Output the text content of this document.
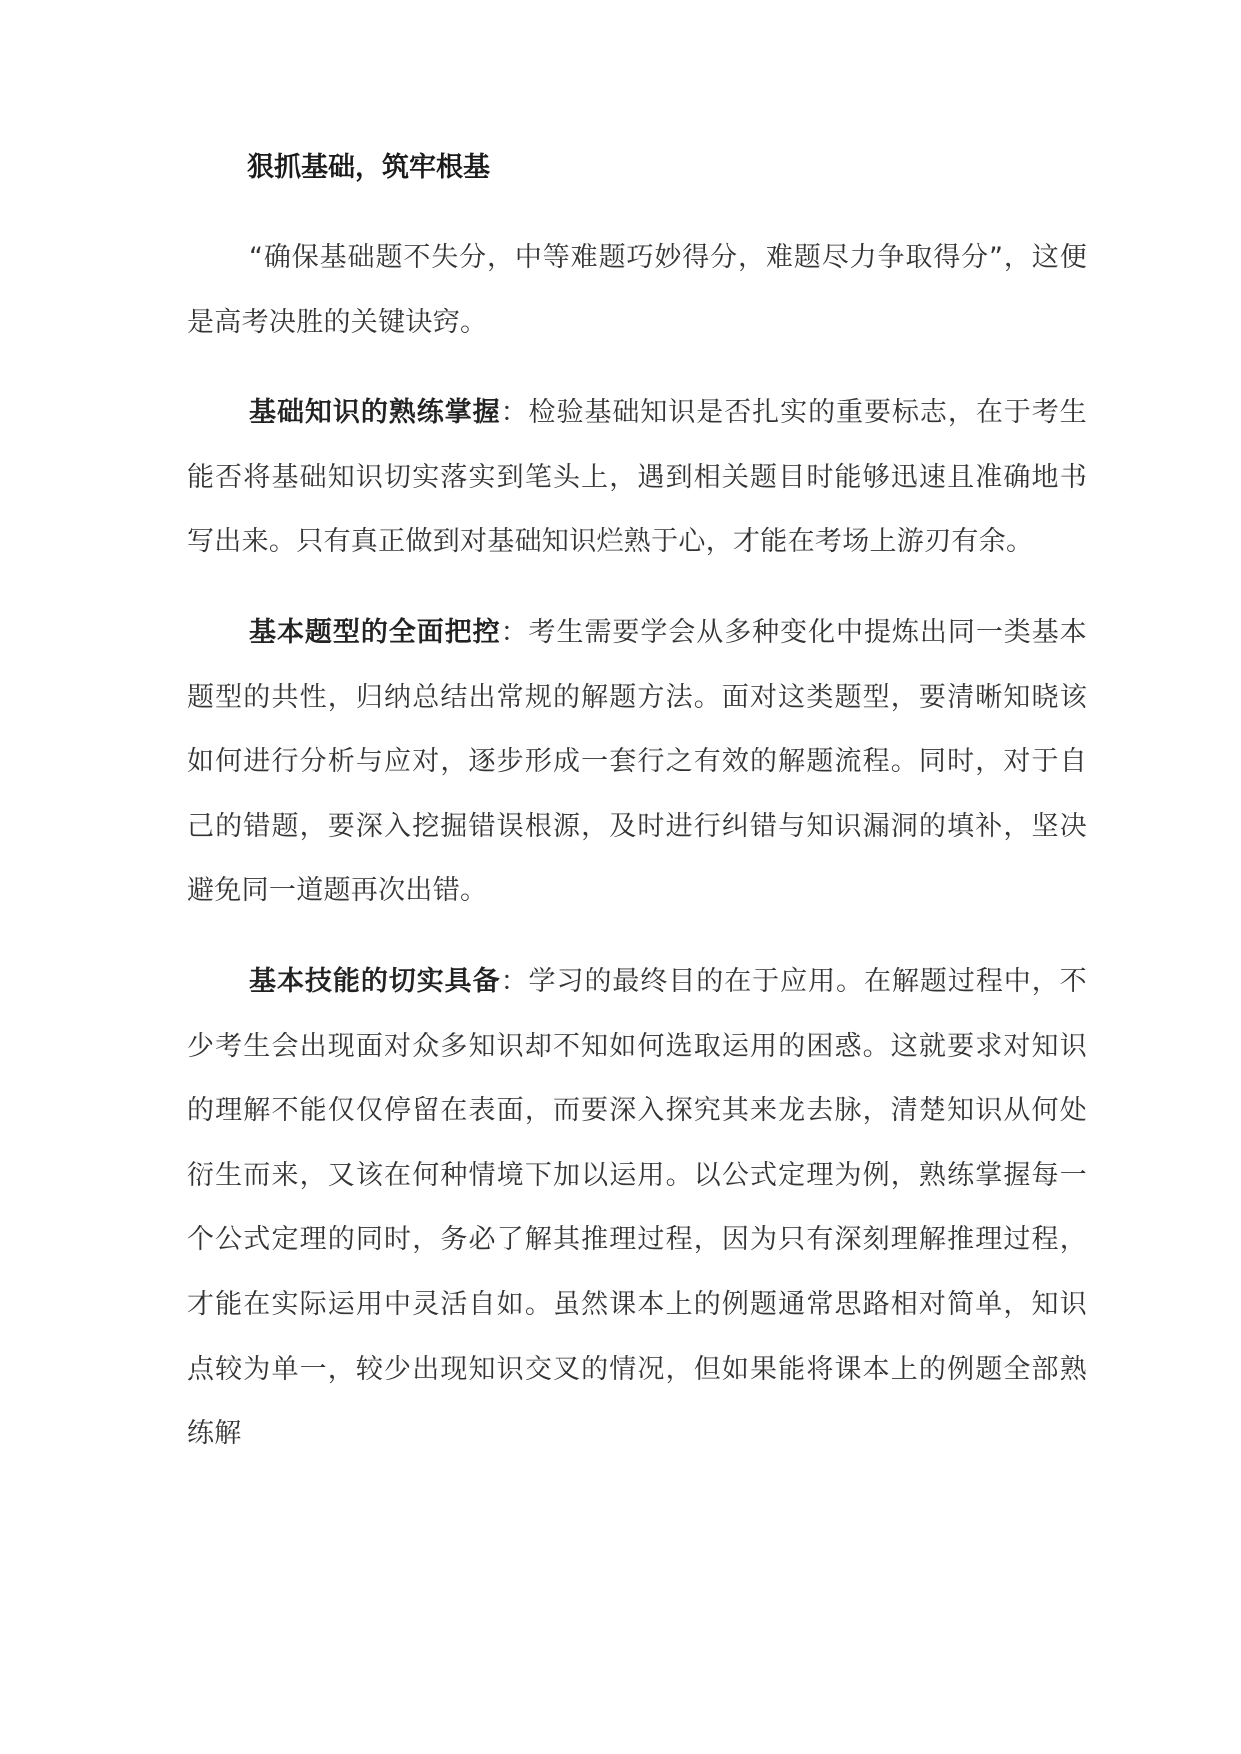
狠抓基础，筑牢根基

“确保基础题不失分，中等难题巧妙得分，难题尽力争取得分”，这便是高考决胜的关键诀窍。

基础知识的熟练掌握：检验基础知识是否扎实的重要标志，在于考生能否将基础知识切实落实到笔头上，遇到相关题目时能够迅速且准确地书写出来。只有真正做到对基础知识烂熟于心，才能在考场上游刃有余。

基本题型的全面把控：考生需要学会从多种变化中提炼出同一类基本题型的共性，归纳总结出常规的解题方法。面对这类题型，要清晰知晓该如何进行分析与应对，逐步形成一套行之有效的解题流程。同时，对于自己的错题，要深入挖掘错误根源，及时进行纠错与知识漏洞的填补，坚决避免同一道题再次出错。

基本技能的切实具备：学习的最终目的在于应用。在解题过程中，不少考生会出现面对众多知识却不知如何选取运用的困惑。这就要求对知识的理解不能仅仅停留在表面，而要深入探究其来龙去脉，清楚知识从何处衍生而来，又该在何种情境下加以运用。以公式定理为例，熟练掌握每一个公式定理的同时，务必了解其推理过程，因为只有深刻理解推理过程，才能在实际运用中灵活自如。虽然课本上的例题通常思路相对简单，知识点较为单一，较少出现知识交叉的情况，但如果能将课本上的例题全部熟练解
